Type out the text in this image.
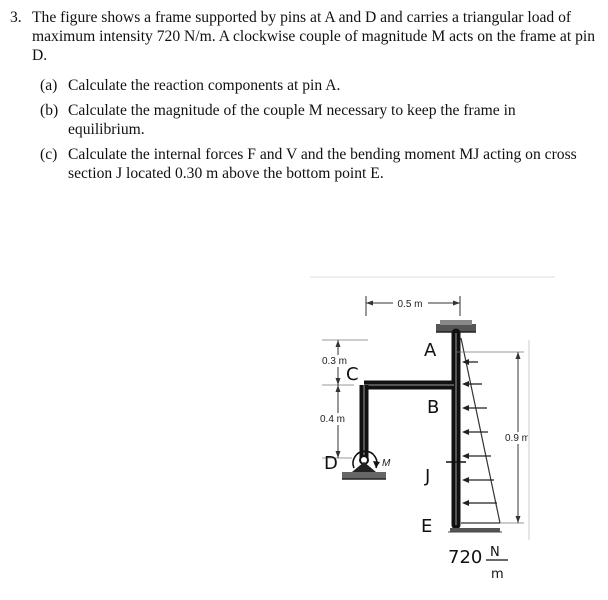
3. The figure shows a frame supported by pins at A and D and carries a triangular load of maximum intensity 720 N/m. A clockwise couple of magnitude M acts on the frame at pin D.
(a) Calculate the reaction components at pin A.
(b) Calculate the magnitude of the couple M necessary to keep the frame in equilibrium.
(c) Calculate the internal forces F and V and the bending moment MJ acting on cross section J located 0.30 m above the bottom point E.
0.5 m
M
0.3 m
0.4 m
0.9 m
A
B
C
D
J
E
720 N
m
